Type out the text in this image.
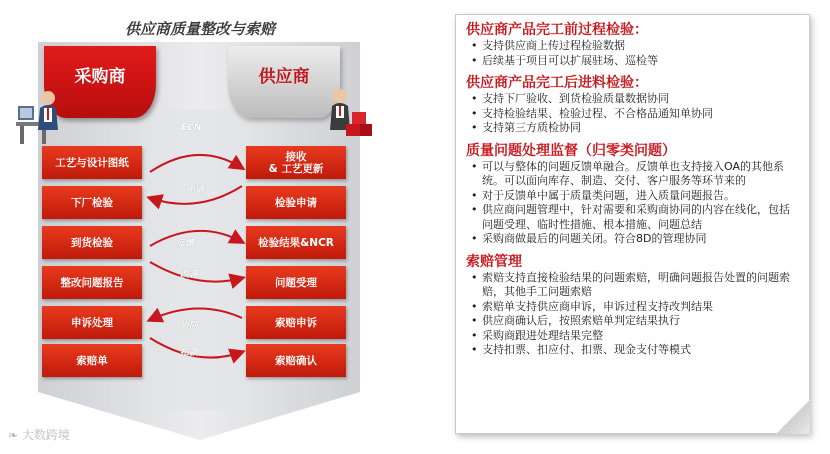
供应商质量整改与索赔
采购商	供应商
ECN
申请
反馈
改善
协同
扣款
工艺与设计图纸
下厂检验
到货检验
整改问题报告
申诉处理
索赔单
接收
& 工艺更新
检验申请
检验结果&NCR
问题受理
索赔申诉
索赔确认
❧ 大数跨境
供应商产品完工前过程检验：
• 支持供应商上传过程检验数据
• 后续基于项目可以扩展驻场、巡检等
供应商产品完工后进料检验：
• 支持下厂验收、到货检验质量数据协同
• 支持检验结果、检验过程、不合格品通知单协同
• 支持第三方质检协同
质量问题处理监督（归零类问题）
• 可以与整体的问题反馈单融合。反馈单也支持接入OA的其他系统。可以面向库存、制造、交付、客户服务等环节来的
• 对于反馈单中属于质量类问题，进入质量问题报告。
• 供应商问题管理中，针对需要和采购商协同的内容在线化，包括问题受理、临时性措施、根本措施、问题总结
• 采购商做最后的问题关闭。符合8D的管理协同
索赔管理
• 索赔支持直接检验结果的问题索赔，明确问题报告处置的问题索赔，其他手工问题索赔
• 索赔单支持供应商申诉，申诉过程支持改判结果
• 供应商确认后，按照索赔单判定结果执行
• 采购商跟进处理结果完整
• 支持扣票、扣应付、扣票、现金支付等模式
